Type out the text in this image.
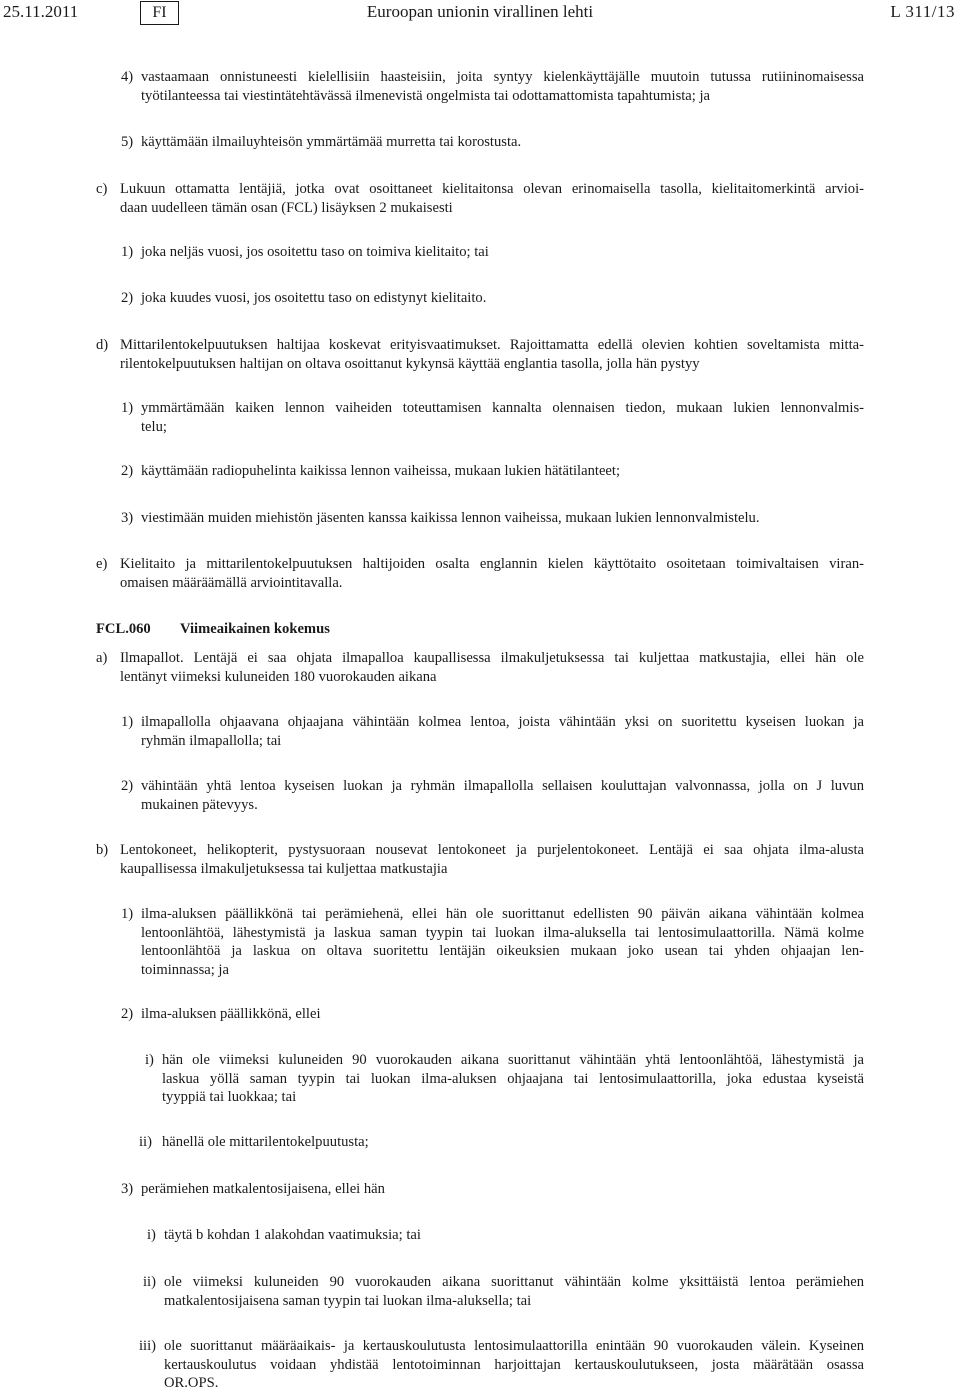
25.11.2011	FI	Euroopan unionin virallinen lehti	L 311/13
4) vastaamaan onnistuneesti kielellisiin haasteisiin, joita syntyy kielenkäyttäjälle muutoin tutussa rutiininomaisessa
työtilanteessa tai viestintätehtävässä ilmenevistä ongelmista tai odottamattomista tapahtumista; ja
5) käyttämään ilmailuyhteisön ymmärtämää murretta tai korostusta.
c) Lukuun ottamatta lentäjiä, jotka ovat osoittaneet kielitaitonsa olevan erinomaisella tasolla, kielitaitomerkintä arvioi-
daan uudelleen tämän osan (FCL) lisäyksen 2 mukaisesti
1) joka neljäs vuosi, jos osoitettu taso on toimiva kielitaito; tai
2) joka kuudes vuosi, jos osoitettu taso on edistynyt kielitaito.
d) Mittarilentokelpuutuksen haltijaa koskevat erityisvaatimukset. Rajoittamatta edellä olevien kohtien soveltamista mitta-
rilentokelpuutuksen haltijan on oltava osoittanut kykynsä käyttää englantia tasolla, jolla hän pystyy
1) ymmärtämään kaiken lennon vaiheiden toteuttamisen kannalta olennaisen tiedon, mukaan lukien lennonvalmis-
telu;
2) käyttämään radiopuhelinta kaikissa lennon vaiheissa, mukaan lukien hätätilanteet;
3) viestimään muiden miehistön jäsenten kanssa kaikissa lennon vaiheissa, mukaan lukien lennonvalmistelu.
e) Kielitaito ja mittarilentokelpuutuksen haltijoiden osalta englannin kielen käyttötaito osoitetaan toimivaltaisen viran-
omaisen määräämällä arviointitavalla.
FCL.060 Viimeaikainen kokemus
a) Ilmapallot. Lentäjä ei saa ohjata ilmapalloa kaupallisessa ilmakuljetuksessa tai kuljettaa matkustajia, ellei hän ole
lentänyt viimeksi kuluneiden 180 vuorokauden aikana
1) ilmapallolla ohjaavana ohjaajana vähintään kolmea lentoa, joista vähintään yksi on suoritettu kyseisen luokan ja
ryhmän ilmapallolla; tai
2) vähintään yhtä lentoa kyseisen luokan ja ryhmän ilmapallolla sellaisen kouluttajan valvonnassa, jolla on J luvun
mukainen pätevyys.
b) Lentokoneet, helikopterit, pystysuoraan nousevat lentokoneet ja purjelentokoneet. Lentäjä ei saa ohjata ilma-alusta
kaupallisessa ilmakuljetuksessa tai kuljettaa matkustajia
1) ilma-aluksen päällikkönä tai perämiehenä, ellei hän ole suorittanut edellisten 90 päivän aikana vähintään kolmea
lentoonlähtöä, lähestymistä ja laskua saman tyypin tai luokan ilma-aluksella tai lentosimulaattorilla. Nämä kolme
lentoonlähtöä ja laskua on oltava suoritettu lentäjän oikeuksien mukaan joko usean tai yhden ohjaajan len-
toiminnassa; ja
2) ilma-aluksen päällikkönä, ellei
i) hän ole viimeksi kuluneiden 90 vuorokauden aikana suorittanut vähintään yhtä lentoonlähtöä, lähestymistä ja
laskua yöllä saman tyypin tai luokan ilma-aluksen ohjaajana tai lentosimulaattorilla, joka edustaa kyseistä
tyyppiä tai luokkaa; tai
ii) hänellä ole mittarilentokelpuutusta;
3) perämiehen matkalentosijaisena, ellei hän
i) täytä b kohdan 1 alakohdan vaatimuksia; tai
ii) ole viimeksi kuluneiden 90 vuorokauden aikana suorittanut vähintään kolme yksittäistä lentoa perämiehen
matkalentosijaisena saman tyypin tai luokan ilma-aluksella; tai
iii) ole suorittanut määräaikais- ja kertauskoulutusta lentosimulaattorilla enintään 90 vuorokauden välein. Kyseinen
kertauskoulutus voidaan yhdistää lentotoiminnan harjoittajan kertauskoulutukseen, josta määrätään osassa
OR.OPS.
